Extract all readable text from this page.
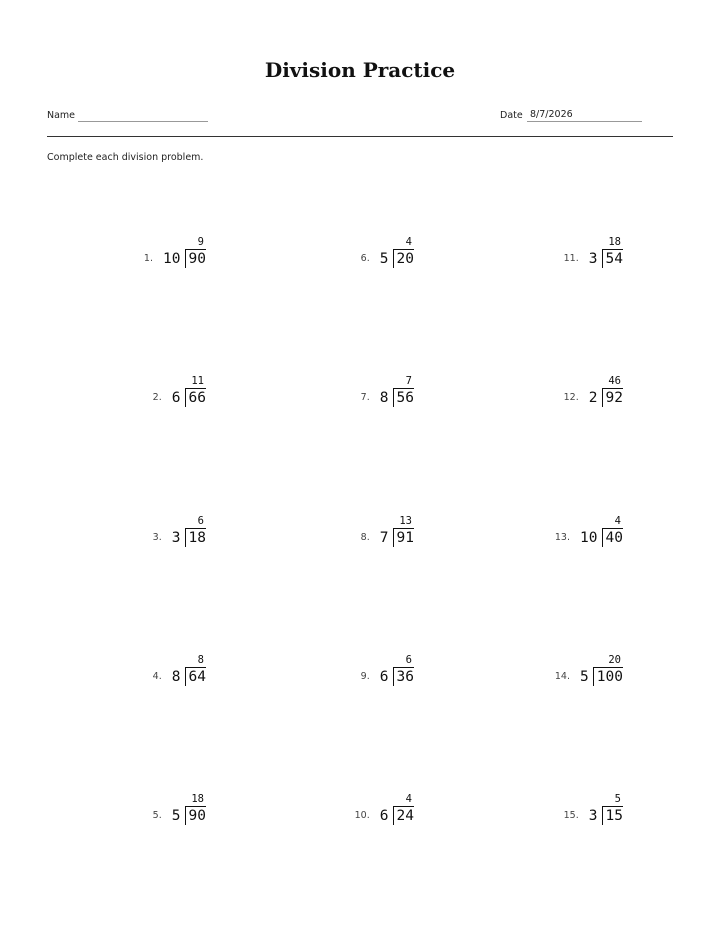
Division Practice
Name	Date 8/7/2026
Complete each division problem.
1. 10 90
9
2. 6 66
11
3. 3 18
6
4. 8 64
8
5. 5 90
18
6. 5 20
4
7. 8 56
7
8. 7 91
13
9. 6 36
6
10. 6 24
4
11. 3 54
18
12. 2 92
46
13. 10 40
4
14. 5 100
20
15. 3 15
5
